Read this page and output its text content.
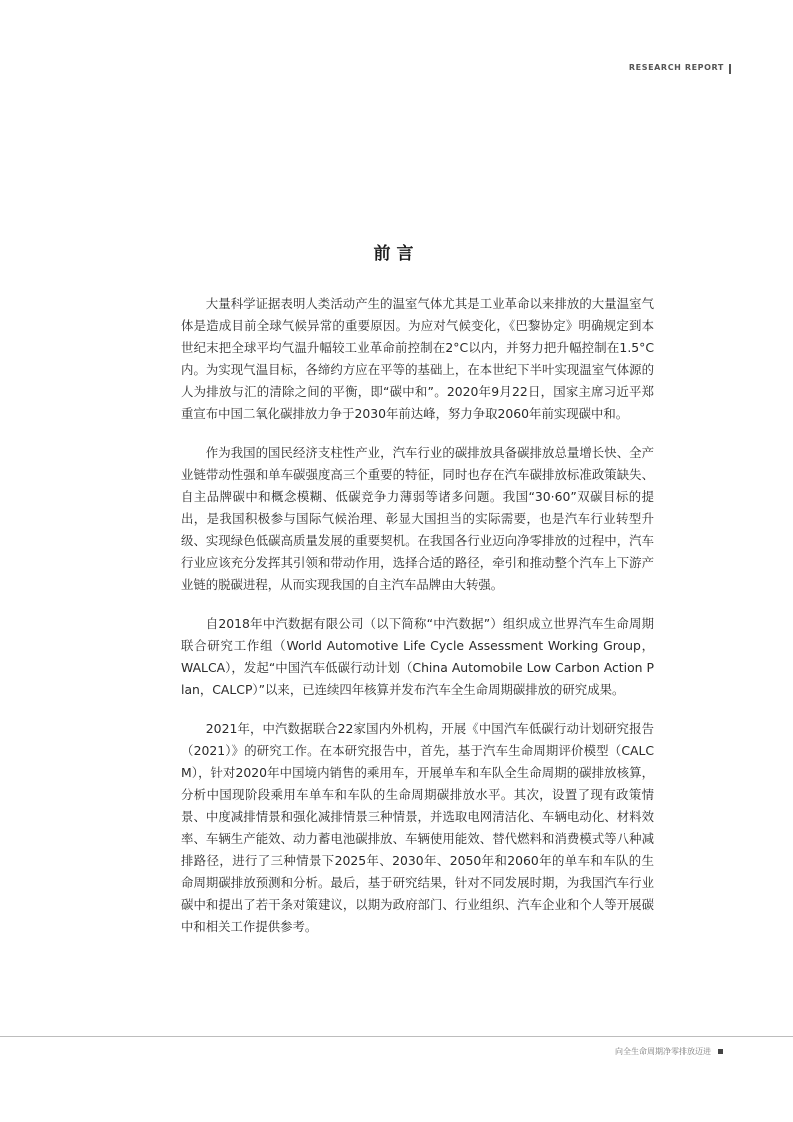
RESEARCH REPORT
前言

大量科学证据表明人类活动产生的温室气体尤其是工业革命以来排放的大量温室气体是造成目前全球气候异常的重要原因。为应对气候变化，《巴黎协定》明确规定到本世纪末把全球平均气温升幅较工业革命前控制在2°C以内，并努力把升幅控制在1.5°C内。为实现气温目标，各缔约方应在平等的基础上，在本世纪下半叶实现温室气体源的人为排放与汇的清除之间的平衡，即“碳中和”。2020年9月22日，国家主席习近平郑重宣布中国二氧化碳排放力争于2030年前达峰，努力争取2060年前实现碳中和。

作为我国的国民经济支柱性产业，汽车行业的碳排放具备碳排放总量增长快、全产业链带动性强和单车碳强度高三个重要的特征，同时也存在汽车碳排放标准政策缺失、自主品牌碳中和概念模糊、低碳竞争力薄弱等诸多问题。我国“30·60”双碳目标的提出，是我国积极参与国际气候治理、彰显大国担当的实际需要，也是汽车行业转型升级、实现绿色低碳高质量发展的重要契机。在我国各行业迈向净零排放的过程中，汽车行业应该充分发挥其引领和带动作用，选择合适的路径，牵引和推动整个汽车上下游产业链的脱碳进程，从而实现我国的自主汽车品牌由大转强。

自2018年中汽数据有限公司（以下简称“中汽数据”）组织成立世界汽车生命周期联合研究工作组（World Automotive Life Cycle Assessment Working Group，WALCA），发起“中国汽车低碳行动计划（China Automobile Low Carbon Action Plan，CALCP）”以来，已连续四年核算并发布汽车全生命周期碳排放的研究成果。

2021年，中汽数据联合22家国内外机构，开展《中国汽车低碳行动计划研究报告（2021）》的研究工作。在本研究报告中，首先，基于汽车生命周期评价模型（CALCM），针对2020年中国境内销售的乘用车，开展单车和车队全生命周期的碳排放核算，分析中国现阶段乘用车单车和车队的生命周期碳排放水平。其次，设置了现有政策情景、中度减排情景和强化减排情景三种情景，并选取电网清洁化、车辆电动化、材料效率、车辆生产能效、动力蓄电池碳排放、车辆使用能效、替代燃料和消费模式等八种减排路径，进行了三种情景下2025年、2030年、2050年和2060年的单车和车队的生命周期碳排放预测和分析。最后，基于研究结果，针对不同发展时期，为我国汽车行业碳中和提出了若干条对策建议，以期为政府部门、行业组织、汽车企业和个人等开展碳中和相关工作提供参考。

向全生命周期净零排放迈进
